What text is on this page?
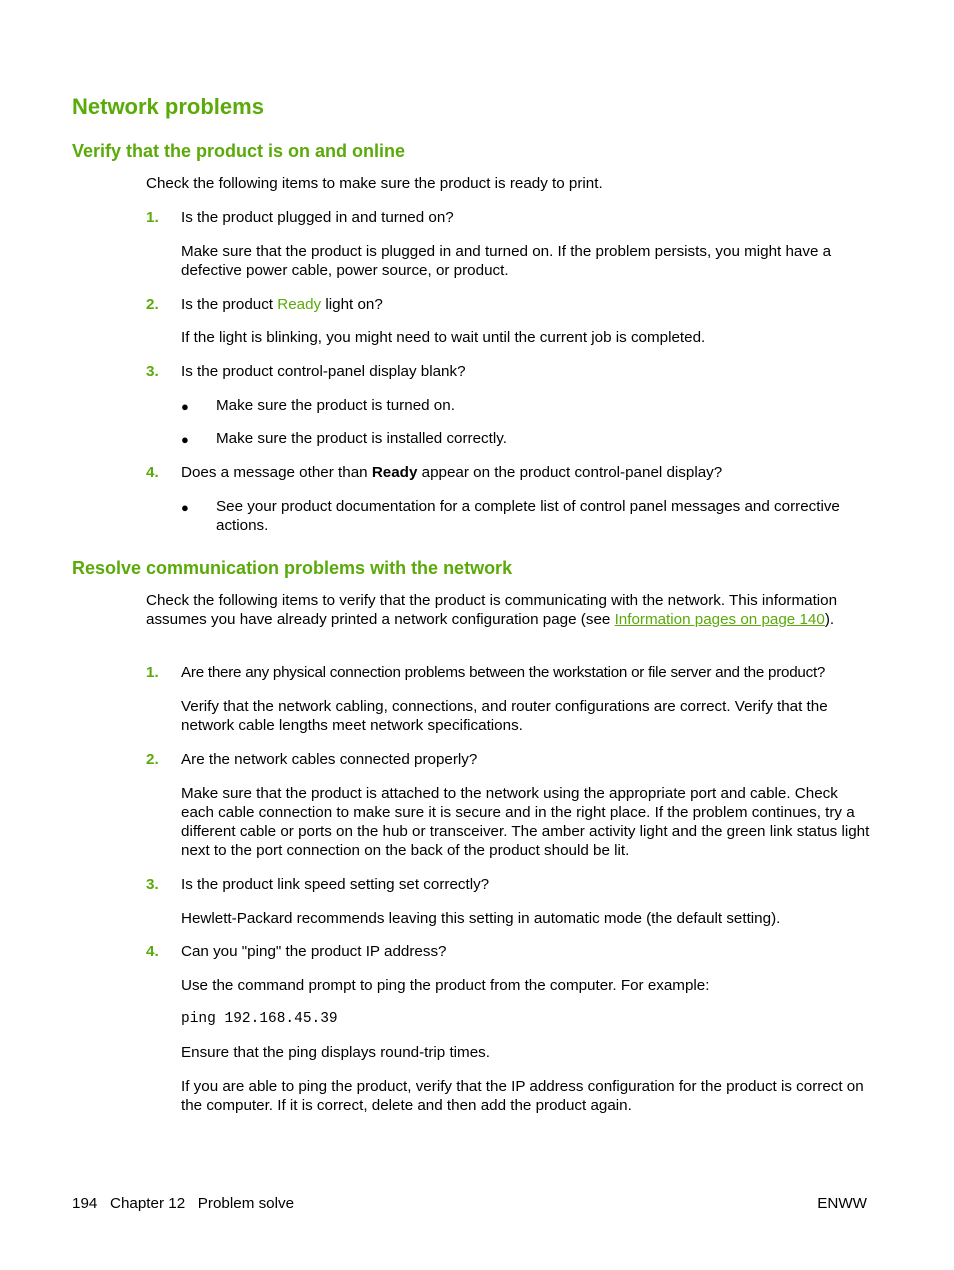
Network problems
Verify that the product is on and online

Check the following items to make sure the product is ready to print.

1. Is the product plugged in and turned on?

Make sure that the product is plugged in and turned on. If the problem persists, you might have a defective power cable, power source, or product.

2. Is the product Ready light on?

If the light is blinking, you might need to wait until the current job is completed.

3. Is the product control-panel display blank?

● Make sure the product is turned on.

● Make sure the product is installed correctly.

4. Does a message other than Ready appear on the product control-panel display?

● See your product documentation for a complete list of control panel messages and corrective actions.

Resolve communication problems with the network

Check the following items to verify that the product is communicating with the network. This information assumes you have already printed a network configuration page (see Information pages on page 140).

1. Are there any physical connection problems between the workstation or file server and the product?

Verify that the network cabling, connections, and router configurations are correct. Verify that the network cable lengths meet network specifications.

2. Are the network cables connected properly?

Make sure that the product is attached to the network using the appropriate port and cable. Check each cable connection to make sure it is secure and in the right place. If the problem continues, try a different cable or ports on the hub or transceiver. The amber activity light and the green link status light next to the port connection on the back of the product should be lit.

3. Is the product link speed setting set correctly?

Hewlett-Packard recommends leaving this setting in automatic mode (the default setting).

4. Can you "ping" the product IP address?

Use the command prompt to ping the product from the computer. For example:

ping 192.168.45.39

Ensure that the ping displays round-trip times.

If you are able to ping the product, verify that the IP address configuration for the product is correct on the computer. If it is correct, delete and then add the product again.

194   Chapter 12   Problem solve	ENWW
